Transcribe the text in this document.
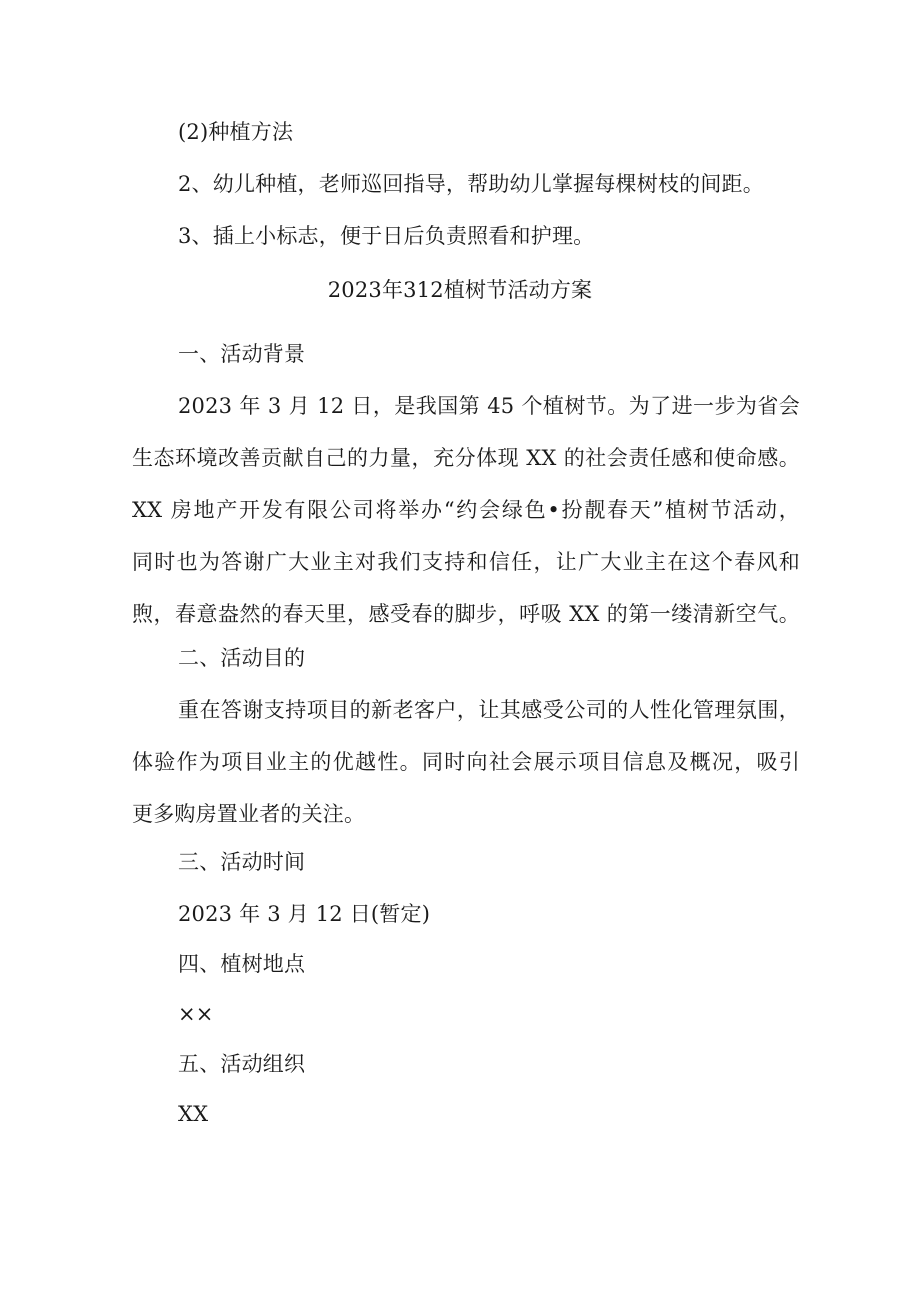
(2)种植方法
2、幼儿种植，老师巡回指导，帮助幼儿掌握每棵树枝的间距。
3、插上小标志，便于日后负责照看和护理。
2023年312植树节活动方案
一、活动背景
2023 年 3 月 12 日，是我国第 45 个植树节。为了进一步为省会
生态环境改善贡献自己的力量，充分体现 XX 的社会责任感和使命感。
XX 房地产开发有限公司将举办“约会绿色•扮靓春天”植树节活动，
同时也为答谢广大业主对我们支持和信任，让广大业主在这个春风和
煦，春意盎然的春天里，感受春的脚步，呼吸 XX 的第一缕清新空气。
二、活动目的
重在答谢支持项目的新老客户，让其感受公司的人性化管理氛围，
体验作为项目业主的优越性。同时向社会展示项目信息及概况，吸引
更多购房置业者的关注。
三、活动时间
2023 年 3 月 12 日(暂定)
四、植树地点
××
五、活动组织
XX
